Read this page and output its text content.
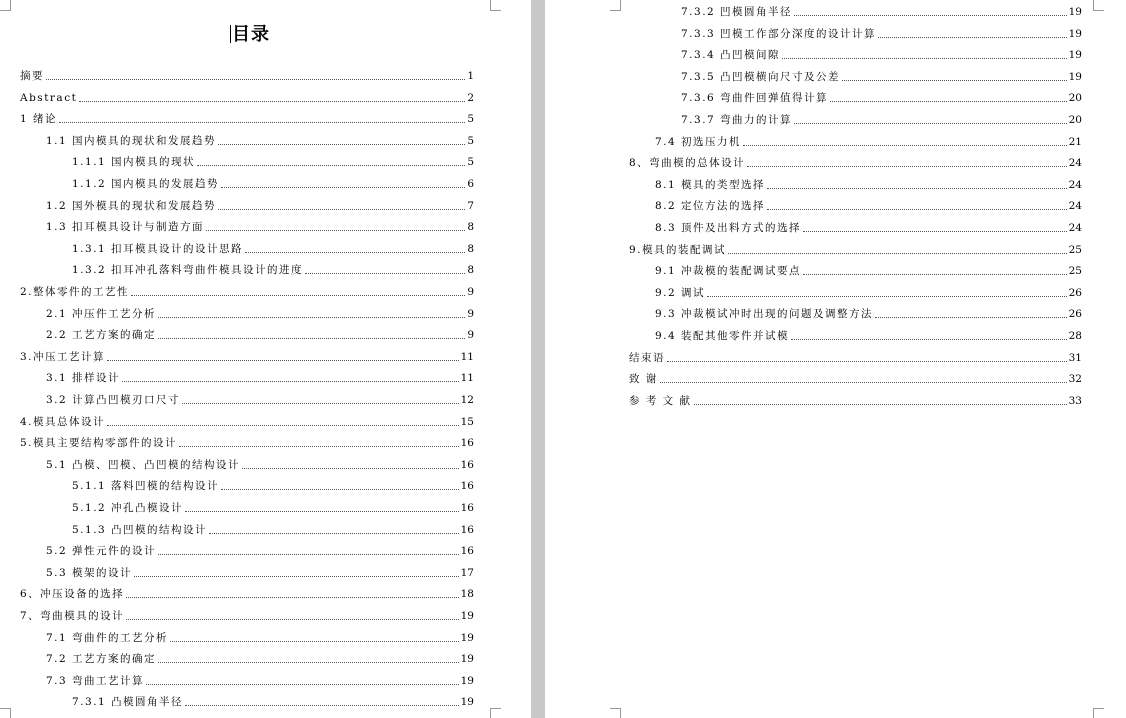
目录
摘要	1
Abstract	2
1 绪论	5
1.1 国内模具的现状和发展趋势	5
1.1.1 国内模具的现状	5
1.1.2 国内模具的发展趋势	6
1.2 国外模具的现状和发展趋势	7
1.3 扣耳模具设计与制造方面	8
1.3.1 扣耳模具设计的设计思路	8
1.3.2 扣耳冲孔落料弯曲件模具设计的进度	8
2.整体零件的工艺性	9
2.1 冲压件工艺分析	9
2.2 工艺方案的确定	9
3.冲压工艺计算	11
3.1 排样设计	11
3.2 计算凸凹模刃口尺寸	12
4.模具总体设计	15
5.模具主要结构零部件的设计	16
5.1 凸模、凹模、凸凹模的结构设计	16
5.1.1 落料凹模的结构设计	16
5.1.2 冲孔凸模设计	16
5.1.3 凸凹模的结构设计	16
5.2 弹性元件的设计	16
5.3 模架的设计	17
6、冲压设备的选择	18
7、弯曲模具的设计	19
7.1 弯曲件的工艺分析	19
7.2 工艺方案的确定	19
7.3 弯曲工艺计算	19
7.3.1 凸模圆角半径	19
7.3.2 凹模圆角半径	19
7.3.3 凹模工作部分深度的设计计算	19
7.3.4 凸凹模间隙	19
7.3.5 凸凹模横向尺寸及公差	19
7.3.6 弯曲件回弹值得计算	20
7.3.7 弯曲力的计算	20
7.4 初选压力机	21
8、弯曲模的总体设计	24
8.1 模具的类型选择	24
8.2 定位方法的选择	24
8.3 顶件及出料方式的选择	24
9.模具的装配调试	25
9.1 冲裁模的装配调试要点	25
9.2 调试	26
9.3 冲裁模试冲时出现的问题及调整方法	26
9.4 装配其他零件并试模	28
结束语	31
致 谢	32
参 考 文 献	33
